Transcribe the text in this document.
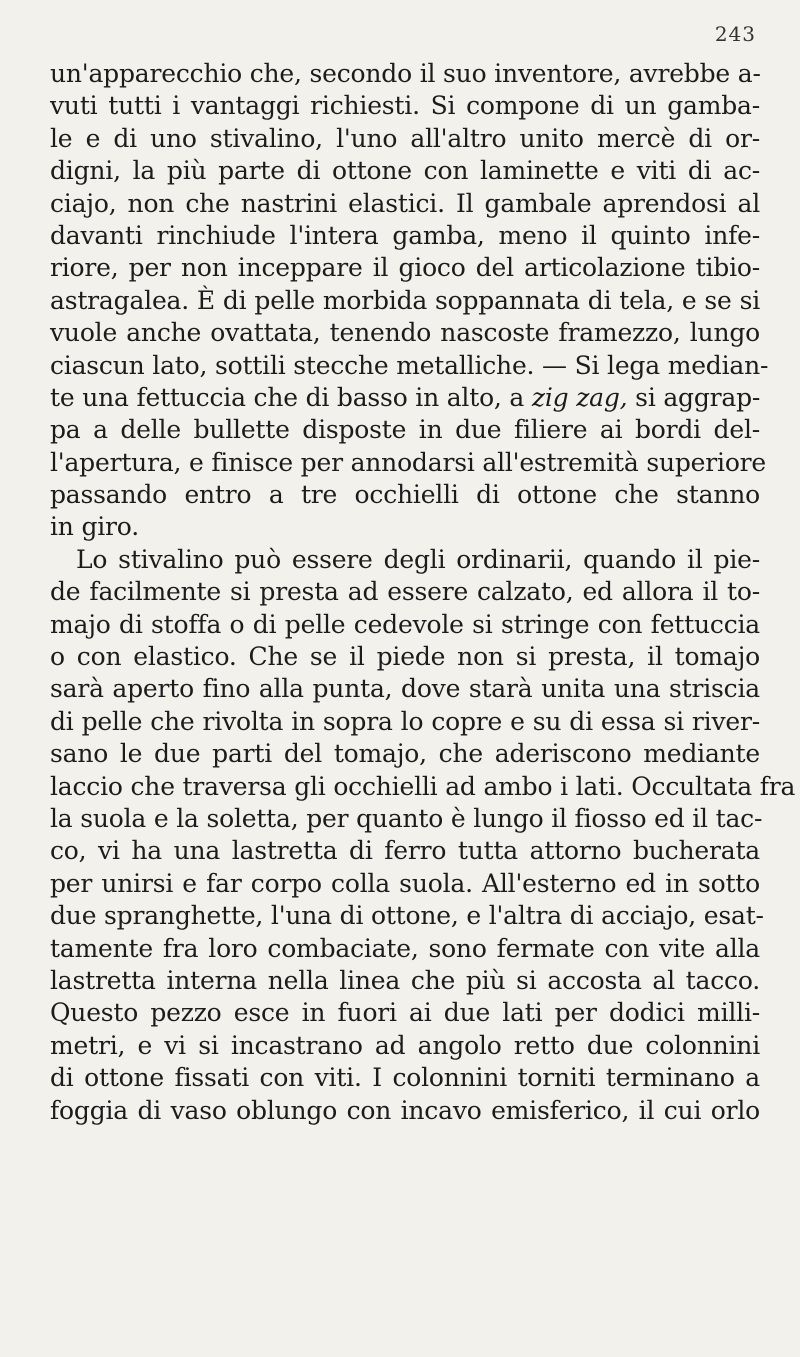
243
un'apparecchio che, secondo il suo inventore, avrebbe a-
vuti tutti i vantaggi richiesti. Si compone di un gamba-
le e di uno stivalino, l'uno all'altro unito mercè di or-
digni, la più parte di ottone con laminette e viti di ac-
ciajo, non che nastrini elastici. Il gambale aprendosi al
davanti rinchiude l'intera gamba, meno il quinto infe-
riore, per non inceppare il gioco del articolazione tibio-
astragalea. È di pelle morbida soppannata di tela, e se si
vuole anche ovattata, tenendo nascoste framezzo, lungo
ciascun lato, sottili stecche metalliche. — Si lega median-
te una fettuccia che di basso in alto, a zig zag, si aggrap-
pa a delle bullette disposte in due filiere ai bordi del-
l'apertura, e finisce per annodarsi all'estremità superiore
passando entro a tre occhielli di ottone che stanno
in giro.
Lo stivalino può essere degli ordinarii, quando il pie-
de facilmente si presta ad essere calzato, ed allora il to-
majo di stoffa o di pelle cedevole si stringe con fettuccia
o con elastico. Che se il piede non si presta, il tomajo
sarà aperto fino alla punta, dove starà unita una striscia
di pelle che rivolta in sopra lo copre e su di essa si river-
sano le due parti del tomajo, che aderiscono mediante
laccio che traversa gli occhielli ad ambo i lati. Occultata fra
la suola e la soletta, per quanto è lungo il fiosso ed il tac-
co, vi ha una lastretta di ferro tutta attorno bucherata
per unirsi e far corpo colla suola. All'esterno ed in sotto
due spranghette, l'una di ottone, e l'altra di acciajo, esat-
tamente fra loro combaciate, sono fermate con vite alla
lastretta interna nella linea che più si accosta al tacco.
Questo pezzo esce in fuori ai due lati per dodici milli-
metri, e vi si incastrano ad angolo retto due colonnini
di ottone fissati con viti. I colonnini torniti terminano a
foggia di vaso oblungo con incavo emisferico, il cui orlo
